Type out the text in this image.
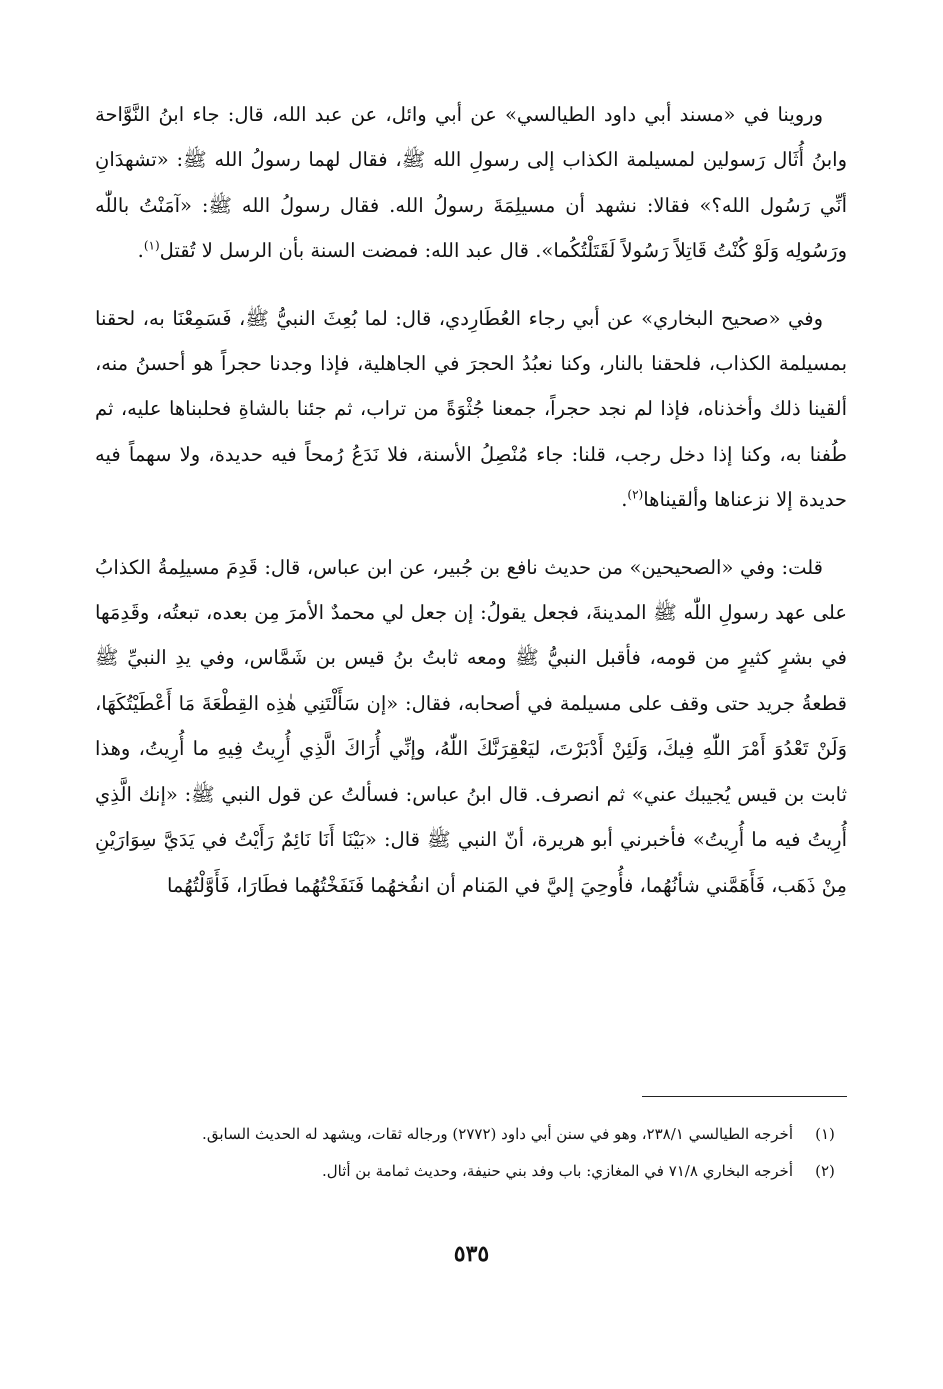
وروينا في «مسند أبي داود الطيالسي» عن أبي وائل، عن عبد الله، قال: جاء ابنُ النَّوَّاحة وابنُ أُثَال رَسولين لمسيلمة الكذاب إلى رسولِ الله ﷺ، فقال لهما رسولُ الله ﷺ: «تشهدَانِ أنِّي رَسُول الله؟» فقالا: نشهد أن مسيلِمَةَ رسولُ الله. فقال رسولُ الله ﷺ: «آمَنْتُ باللّٰه ورَسُولِه وَلَوْ كُنْتُ قَاتِلاً رَسُولاً لَقَتَلْتُكُما». قال عبد الله: فمضت السنة بأن الرسل لا تُقتل$^{(١)}$.

وفي «صحيح البخاري» عن أبي رجاء العُطَارِدي، قال: لما بُعِثَ النبيُّ ﷺ، فَسَمِعْنَا به، لحقنا بمسيلمة الكذاب، فلحقنا بالنار، وكنا نعبُدُ الحجرَ في الجاهلية، فإذا وجدنا حجراً هو أحسنُ منه، ألقينا ذلك وأخذناه، فإذا لم نجد حجراً، جمعنا جُثْوَةً من تراب، ثم جئنا بالشاةِ فحلبناها عليه، ثم طُفنا به، وكنا إذا دخل رجب، قلنا: جاء مُنْصِلُ الأسنة، فلا نَدَعُ رُمحاً فيه حديدة، ولا سهماً فيه حديدة إلا نزعناها وألقيناها$^{(٢)}$.

قلت: وفي «الصحيحين» من حديث نافع بن جُبير، عن ابن عباس، قال: قَدِمَ مسيلِمةُ الكذابُ على عهد رسولِ اللّٰه ﷺ المدينةَ، فجعل يقولُ: إن جعل لي محمدٌ الأمرَ مِن بعده، تبعتُه، وقَدِمَها في بشرٍ كثيرٍ من قومه، فأقبل النبيُّ ﷺ ومعه ثابتُ بنُ قيس بن شَمَّاس، وفي يدِ النبيِّ ﷺ قطعةُ جريد حتى وقف على مسيلمة في أصحابه، فقال: «إن سَأَلْتَنِي هٰذِه القِطْعَةَ مَا أَعْطَيْتُكَهَا، وَلَنْ تَعْدُوَ أَمْرَ اللّٰهِ فِيكَ، وَلَئِنْ أَدْبَرْتَ، ليَعْقِرَنَّكَ اللّٰهُ، وإنِّي أُرَاكَ الَّذِي أُرِيتُ فِيهِ ما أُرِيتُ، وهذا ثابت بن قيس يُجيبك عني» ثم انصرف. قال ابنُ عباس: فسألتُ عن قول النبي ﷺ: «إنك الَّذِي أُرِيتُ فيه ما أُرِيتُ» فأخبرني أبو هريرة، أنّ النبي ﷺ قال: «بَيْنَا أَنَا نَائِمٌ رَأَيْتُ في يَدَيَّ سِوَارَيْنِ مِنْ ذَهَب، فَأَهَمَّني شأنُهُما، فأُوحِيَ إليَّ في المَنام أن انفُخهُما فَنَفَخْتُهُما فطَارَا، فَأَوَّلْتُهُما

(١)
أخرجه الطيالسي ٢٣٨/١، وهو في سنن أبي داود (٢٧٧٢) ورجاله ثقات، ويشهد له الحديث السابق.

(٢)
أخرجه البخاري ٧١/٨ في المغازي: باب وفد بني حنيفة، وحديث ثمامة بن أثال.

٥٣٥
